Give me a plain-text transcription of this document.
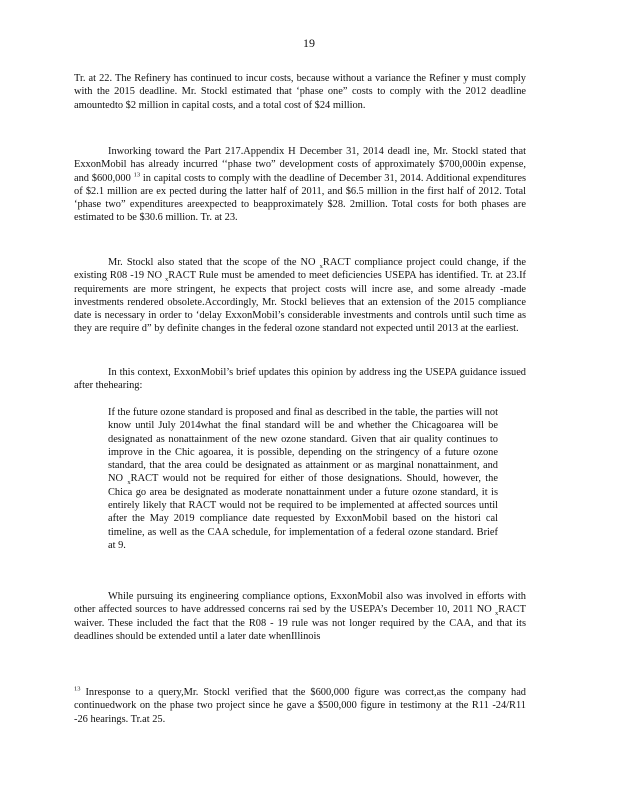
19

Tr. at 22. The Refinery has continued to incur costs, because without a variance the Refiner y must comply with the 2015 deadline. Mr. Stockl estimated that ‘phase one” costs to comply with the 2012 deadline amountedto $2 million in capital costs, and a total cost of $24 million.

Inworking toward the Part 217.Appendix H December 31, 2014 deadl ine, Mr. Stockl stated that ExxonMobil has already incurred ‘‘phase two” development costs of approximately $700,000in expense, and $600,000 $^{13}$ in capital costs to comply with the deadline of December 31, 2014. Additional expenditures of $2.1 million are ex pected during the latter half of 2011, and $6.5 million in the first half of 2012. Total ‘phase two” expenditures areexpected to beapproximately $28. 2million. Total costs for both phases are estimated to be $30.6 million. Tr. at 23.

Mr. Stockl also stated that the scope of the NO $_x$RACT compliance project could change, if the existing R08 -19 NO $_x$RACT Rule must be amended to meet deficiencies USEPA has identified. Tr. at 23.If requirements are more stringent, he expects that project costs will incre ase, and some already -made investments rendered obsolete.Accordingly, Mr. Stockl believes that an extension of the 2015 compliance date is necessary in order to ‘delay ExxonMobil’s considerable investments and controls until such time as they are require d” by definite changes in the federal ozone standard not expected until 2013 at the earliest.

In this context, ExxonMobil’s brief updates this opinion by address ing the USEPA guidance issued after thehearing:

If the future ozone standard is proposed and final as described in the table, the parties will not know until July 2014what the final standard will be and whether the Chicagoarea will be designated as nonattainment of the new ozone standard. Given that air quality continues to improve in the Chic agoarea, it is possible, depending on the stringency of a future ozone standard, that the area could be designated as attainment or as marginal nonattainment, and NO $_x$RACT would not be required for either of those designations. Should, however, the Chica go area be designated as moderate nonattainment under a future ozone standard, it is entirely likely that RACT would not be required to be implemented at affected sources until after the May 2019 compliance date requested by ExxonMobil based on the histori cal timeline, as well as the CAA schedule, for implementation of a federal ozone standard. Brief at 9.

While pursuing its engineering compliance options, ExxonMobil also was involved in efforts with other affected sources to have addressed concerns rai sed by the USEPA’s December 10, 2011 NO $_x$RACT waiver. These included the fact that the R08 - 19 rule was not longer required by the CAA, and that its deadlines should be extended until a later date whenIllinois

$^{13}$ Inresponse to a query,Mr. Stockl verified that the $600,000 figure was correct,as the company had continuedwork on the phase two project since he gave a $500,000 figure in testimony at the R11 -24/R11 -26 hearings. Tr.at 25.
